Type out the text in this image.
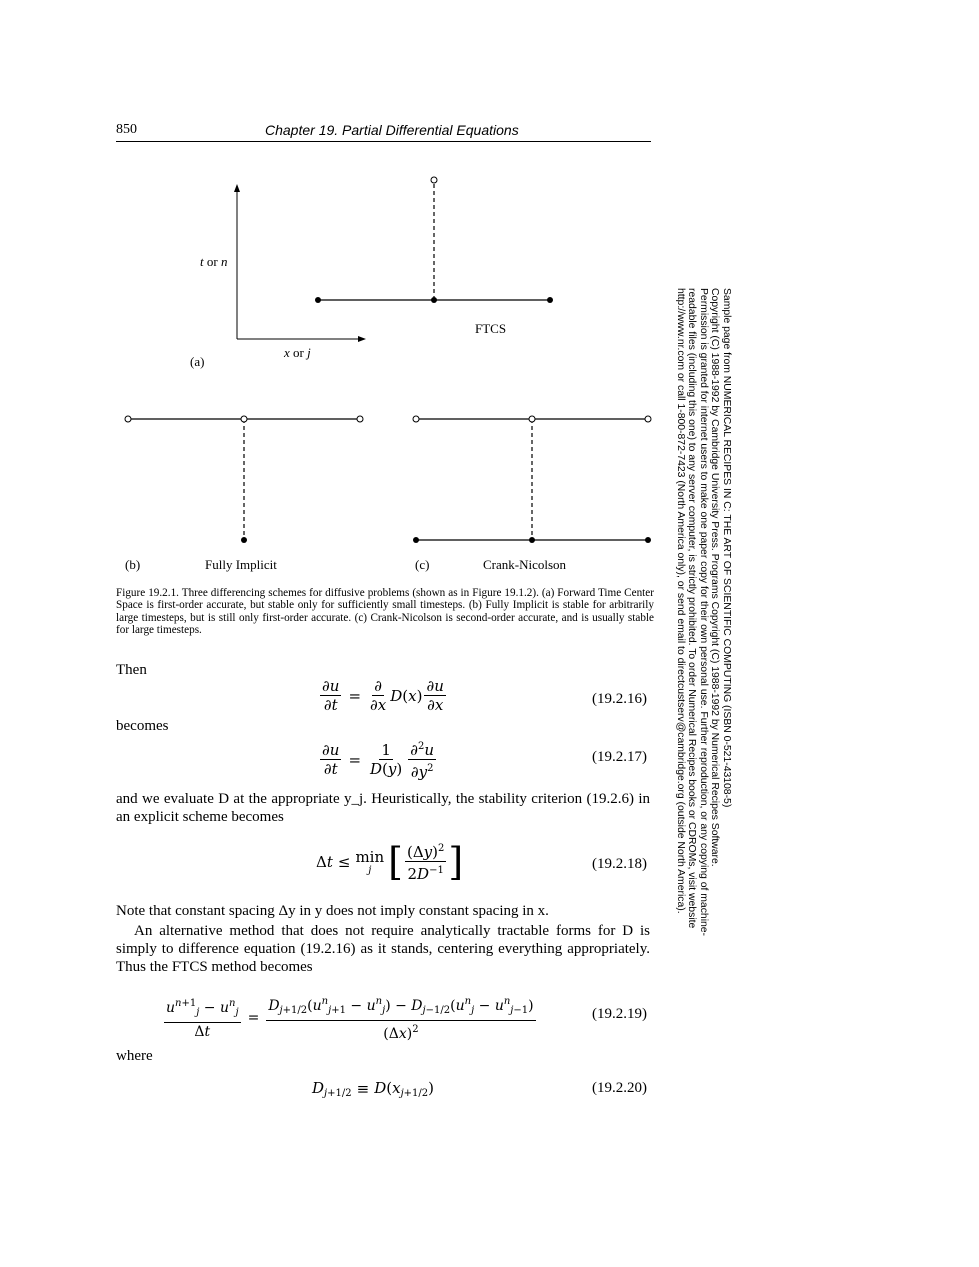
850	Chapter 19. Partial Differential Equations
t or n
x or j
FTCS
(a)
(b)	Fully Implicit	(c)	Crank-Nicolson
Figure 19.2.1. Three differencing schemes for diffusive problems (shown as in Figure 19.1.2). (a) Forward Time Center Space is first-order accurate, but stable only for sufficiently small timesteps. (b) Fully Implicit is stable for arbitrarily large timesteps, but is still only first-order accurate. (c) Crank-Nicolson is second-order accurate, and is usually stable for large timesteps.
Then
$\frac{\partial u}{\partial t} = \frac{\partial}{\partial x} D(x) \frac{\partial u}{\partial x}$	(19.2.16)
becomes
$\frac{\partial u}{\partial t} = \frac{1}{D(y)} \frac{\partial^2u}{\partial y^2}$	(19.2.17)
and we evaluate D at the appropriate y_j. Heuristically, the stability criterion (19.2.6) in an explicit scheme becomes
Δt ≤ min
j [ $\frac{(\Delta y)^2}{2D^{-1}}$ ]	(19.2.18)
Note that constant spacing Δy in y does not imply constant spacing in x.
An alternative method that does not require analytically tractable forms for D is simply to difference equation (19.2.16) as it stands, centering everything appropriately. Thus the FTCS method becomes
$\frac{u^{n+1}_j - u^n_j}{\Delta t} = \frac{D_{j+1/2}(u^n_{j+1} - u^n_j) - D_{j-1/2}(u^n_j - u^n_{j-1})}{(\Delta x)^2}$	(19.2.19)
where
$D_{j+1/2} \equiv D(x_{j+1/2})$	(19.2.20)
Sample page from NUMERICAL RECIPES IN C: THE ART OF SCIENTIFIC COMPUTING (ISBN 0-521-43108-5)
Copyright (C) 1988-1992 by Cambridge University Press. Programs Copyright (C) 1988-1992 by Numerical Recipes Software.
Permission is granted for internet users to make one paper copy for their own personal use. Further reproduction, or any copying of machine-
readable files (including this one) to any server computer, is strictly prohibited. To order Numerical Recipes books or CDROMs, visit website
http://www.nr.com or call 1-800-872-7423 (North America only), or send email to directcustserv@cambridge.org (outside North America).
